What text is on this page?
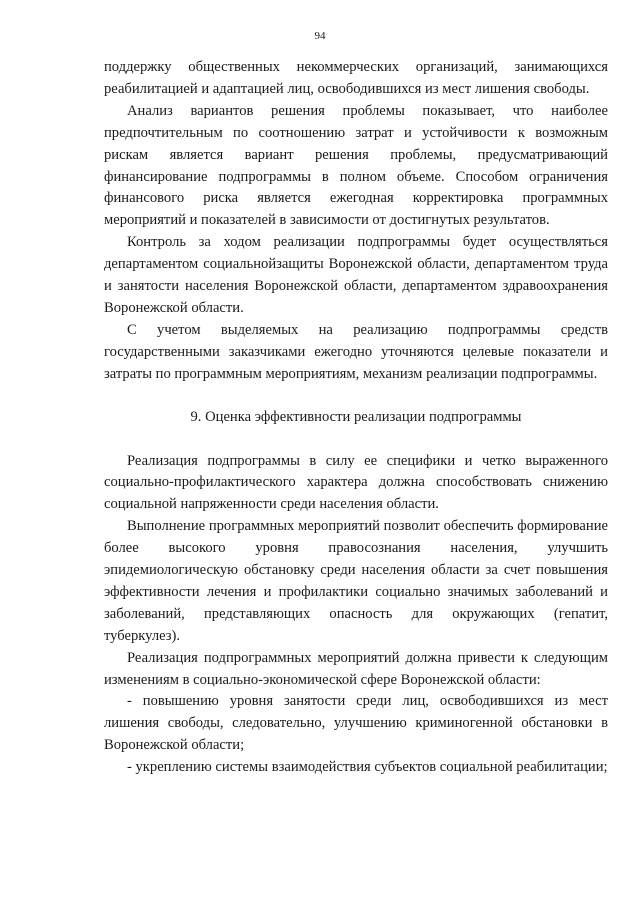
94

поддержку общественных некоммерческих организаций, занимающихся реабилитацией и адаптацией лиц, освободившихся из мест лишения свободы.

Анализ вариантов решения проблемы показывает, что наиболее предпочтительным по соотношению затрат и устойчивости к возможным рискам является вариант решения проблемы, предусматривающий финансирование подпрограммы в полном объеме. Способом ограничения финансового риска является ежегодная корректировка программных мероприятий и показателей в зависимости от достигнутых результатов.

Контроль за ходом реализации подпрограммы будет осуществляться департаментом социальнойзащиты Воронежской области, департаментом труда и занятости населения Воронежской области, департаментом здравоохранения Воронежской области.

С учетом выделяемых на реализацию подпрограммы средств государственными заказчиками ежегодно уточняются целевые показатели и затраты по программным мероприятиям, механизм реализации подпрограммы.

9. Оценка эффективности реализации подпрограммы

Реализация подпрограммы в силу ее специфики и четко выраженного социально-профилактического характера должна способствовать снижению социальной напряженности среди населения области.

Выполнение программных мероприятий позволит обеспечить формирование более высокого уровня правосознания населения, улучшить эпидемиологическую обстановку среди населения области за счет повышения эффективности лечения и профилактики социально значимых заболеваний и заболеваний, представляющих опасность для окружающих (гепатит, туберкулез).

Реализация подпрограммных мероприятий должна привести к следующим изменениям в социально-экономической сфере Воронежской области:

- повышению уровня занятости среди лиц, освободившихся из мест лишения свободы, следовательно, улучшению криминогенной обстановки в Воронежской области;

- укреплению системы взаимодействия субъектов социальной реабилитации;
